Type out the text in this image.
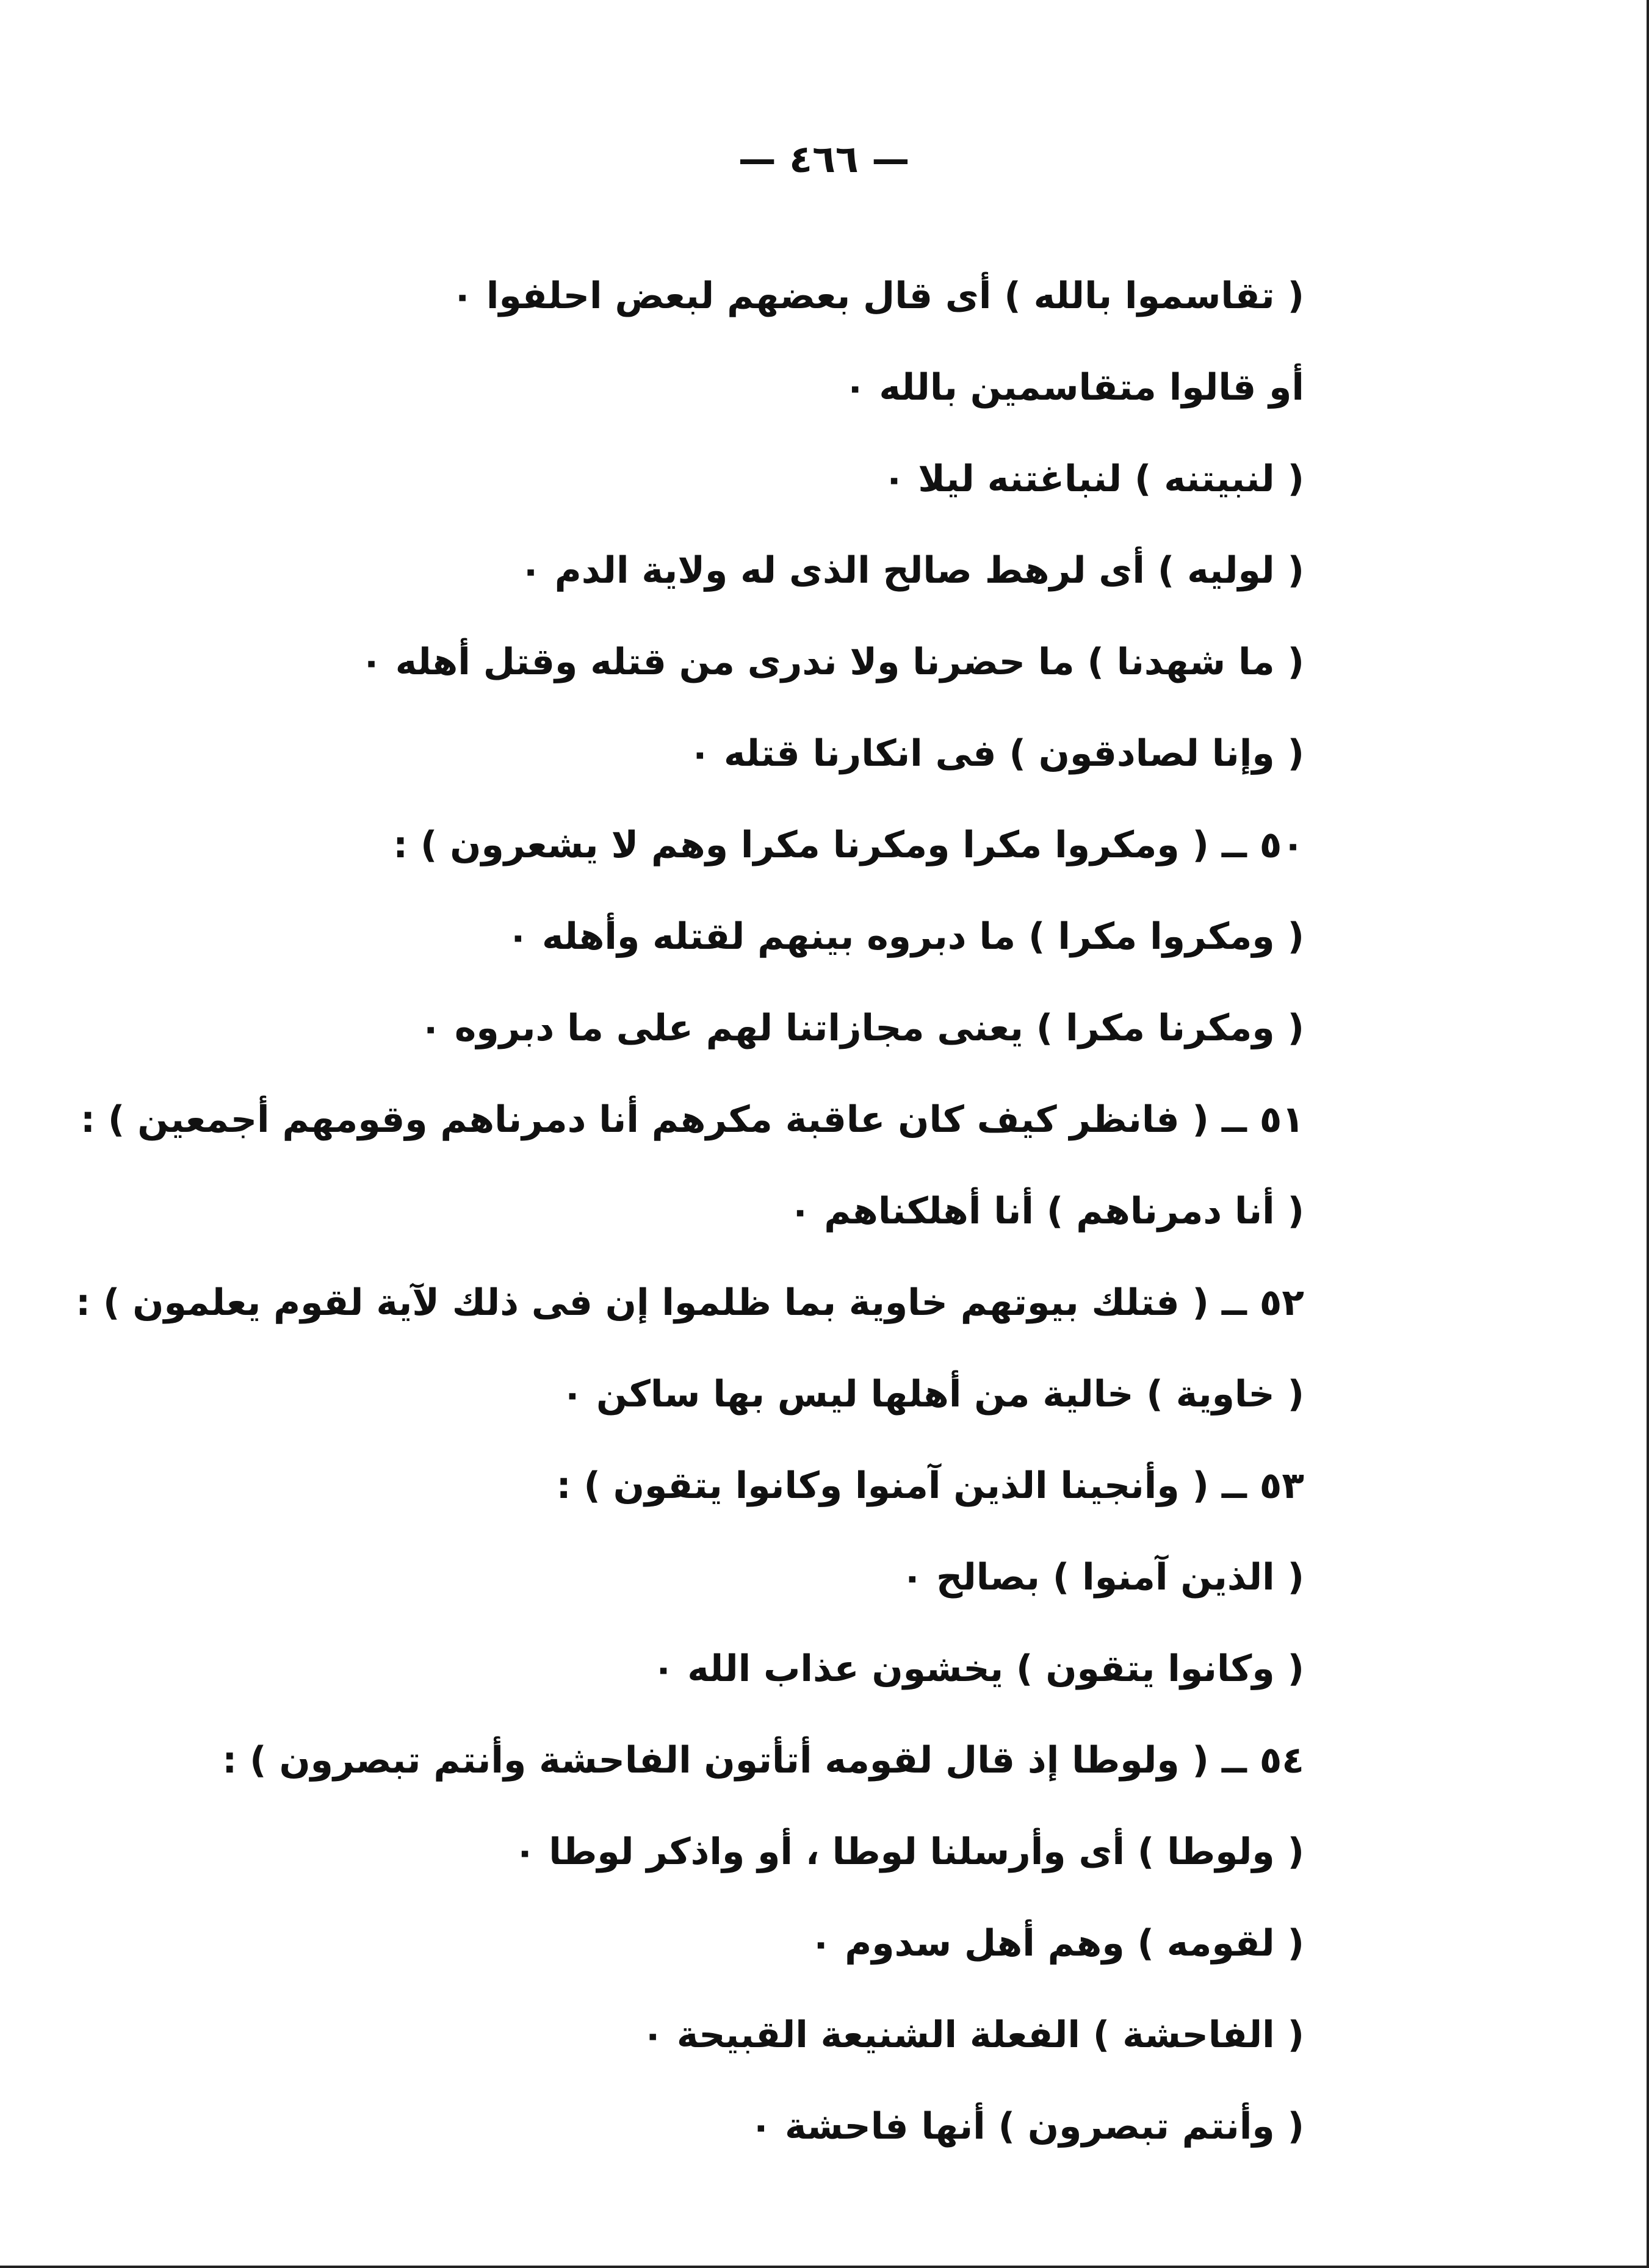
— ٤٦٦ —
( تقاسموا بالله ) أى قال بعضهم لبعض احلفوا ٠
أو قالوا متقاسمين بالله ٠
( لنبيتنه ) لنباغتنه ليلا ٠
( لوليه ) أى لرهط صالح الذى له ولاية الدم ٠
( ما شهدنا ) ما حضرنا ولا ندرى من قتله وقتل أهله ٠
( وإنا لصادقون ) فى انكارنا قتله ٠
٥٠ ــ ( ومكروا مكرا ومكرنا مكرا وهم لا يشعرون ) :
( ومكروا مكرا ) ما دبروه بينهم لقتله وأهله ٠
( ومكرنا مكرا ) يعنى مجازاتنا لهم على ما دبروه ٠
٥١ ــ ( فانظر كيف كان عاقبة مكرهم أنا دمرناهم وقومهم أجمعين ) :
( أنا دمرناهم ) أنا أهلكناهم ٠
٥٢ ــ ( فتلك بيوتهم خاوية بما ظلموا إن فى ذلك لآية لقوم يعلمون ) :
( خاوية ) خالية من أهلها ليس بها ساكن ٠
٥٣ ــ ( وأنجينا الذين آمنوا وكانوا يتقون ) :
( الذين آمنوا ) بصالح ٠
( وكانوا يتقون ) يخشون عذاب الله ٠
٥٤ ــ ( ولوطا إذ قال لقومه أتأتون الفاحشة وأنتم تبصرون ) :
( ولوطا ) أى وأرسلنا لوطا ، أو واذكر لوطا ٠
( لقومه ) وهم أهل سدوم ٠
( الفاحشة ) الفعلة الشنيعة القبيحة ٠
( وأنتم تبصرون ) أنها فاحشة ٠
